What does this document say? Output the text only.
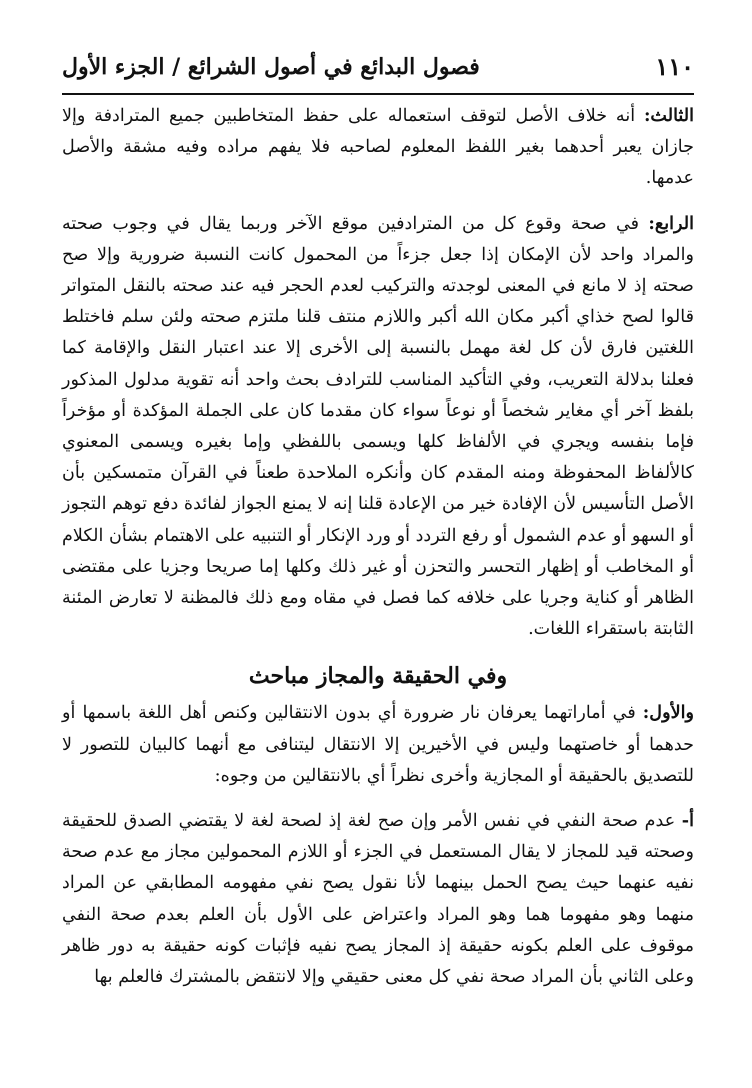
١١٠
فصول البدائع في أصول الشرائع / الجزء الأول

الثالث: أنه خلاف الأصل لتوقف استعماله على حفظ المتخاطبين جميع المترادفة وإلا جازان يعبر أحدهما بغير اللفظ المعلوم لصاحبه فلا يفهم مراده وفيه مشقة والأصل عدمها.

الرابع: في صحة وقوع كل من المترادفين موقع الآخر وربما يقال في وجوب صحته والمراد واحد لأن الإمكان إذا جعل جزءاً من المحمول كانت النسبة ضرورية وإلا صح صحته إذ لا مانع في المعنى لوجدته والتركيب لعدم الحجر فيه عند صحته بالنقل المتواتر قالوا لصح خذاي أكبر مكان الله أكبر واللازم منتف قلنا ملتزم صحته ولئن سلم فاختلط اللغتين فارق لأن كل لغة مهمل بالنسبة إلى الأخرى إلا عند اعتبار النقل والإقامة كما فعلنا بدلالة التعريب، وفي التأكيد المناسب للترادف بحث واحد أنه تقوية مدلول المذكور بلفظ آخر أي مغاير شخصاً أو نوعاً سواء كان مقدما كان على الجملة المؤكدة أو مؤخراً فإما بنفسه ويجري في الألفاظ كلها ويسمى باللفظي وإما بغيره ويسمى المعنوي كالألفاظ المحفوظة ومنه المقدم كان وأنكره الملاحدة طعناً في القرآن متمسكين بأن الأصل التأسيس لأن الإفادة خير من الإعادة قلنا إنه لا يمنع الجواز لفائدة دفع توهم التجوز أو السهو أو عدم الشمول أو رفع التردد أو ورد الإنكار أو التنبيه على الاهتمام بشأن الكلام أو المخاطب أو إظهار التحسر والتحزن أو غير ذلك وكلها إما صريحا وجزيا على مقتضى الظاهر أو كناية وجريا على خلافه كما فصل في مقاه ومع ذلك فالمظنة لا تعارض المئنة الثابتة باستقراء اللغات.

وفي الحقيقة والمجاز مباحث

والأول: في أماراتهما يعرفان نار ضرورة أي بدون الانتقالين وكنص أهل اللغة باسمها أو حدهما أو خاصتهما وليس في الأخيرين إلا الانتقال ليتنافى مع أنهما كالبيان للتصور لا للتصديق بالحقيقة أو المجازية وأخرى نظراً أي بالانتقالين من وجوه:

أ- عدم صحة النفي في نفس الأمر وإن صح لغة إذ لصحة لغة لا يقتضي الصدق للحقيقة وصحته قيد للمجاز لا يقال المستعمل في الجزء أو اللازم المحمولين مجاز مع عدم صحة نفيه عنهما حيث يصح الحمل بينهما لأنا نقول يصح نفي مفهومه المطابقي عن المراد منهما وهو مفهوما هما وهو المراد واعتراض على الأول بأن العلم بعدم صحة النفي موقوف على العلم بكونه حقيقة إذ المجاز يصح نفيه فإثبات كونه حقيقة به دور ظاهر وعلى الثاني بأن المراد صحة نفي كل معنى حقيقي وإلا لانتقض بالمشترك فالعلم بها
